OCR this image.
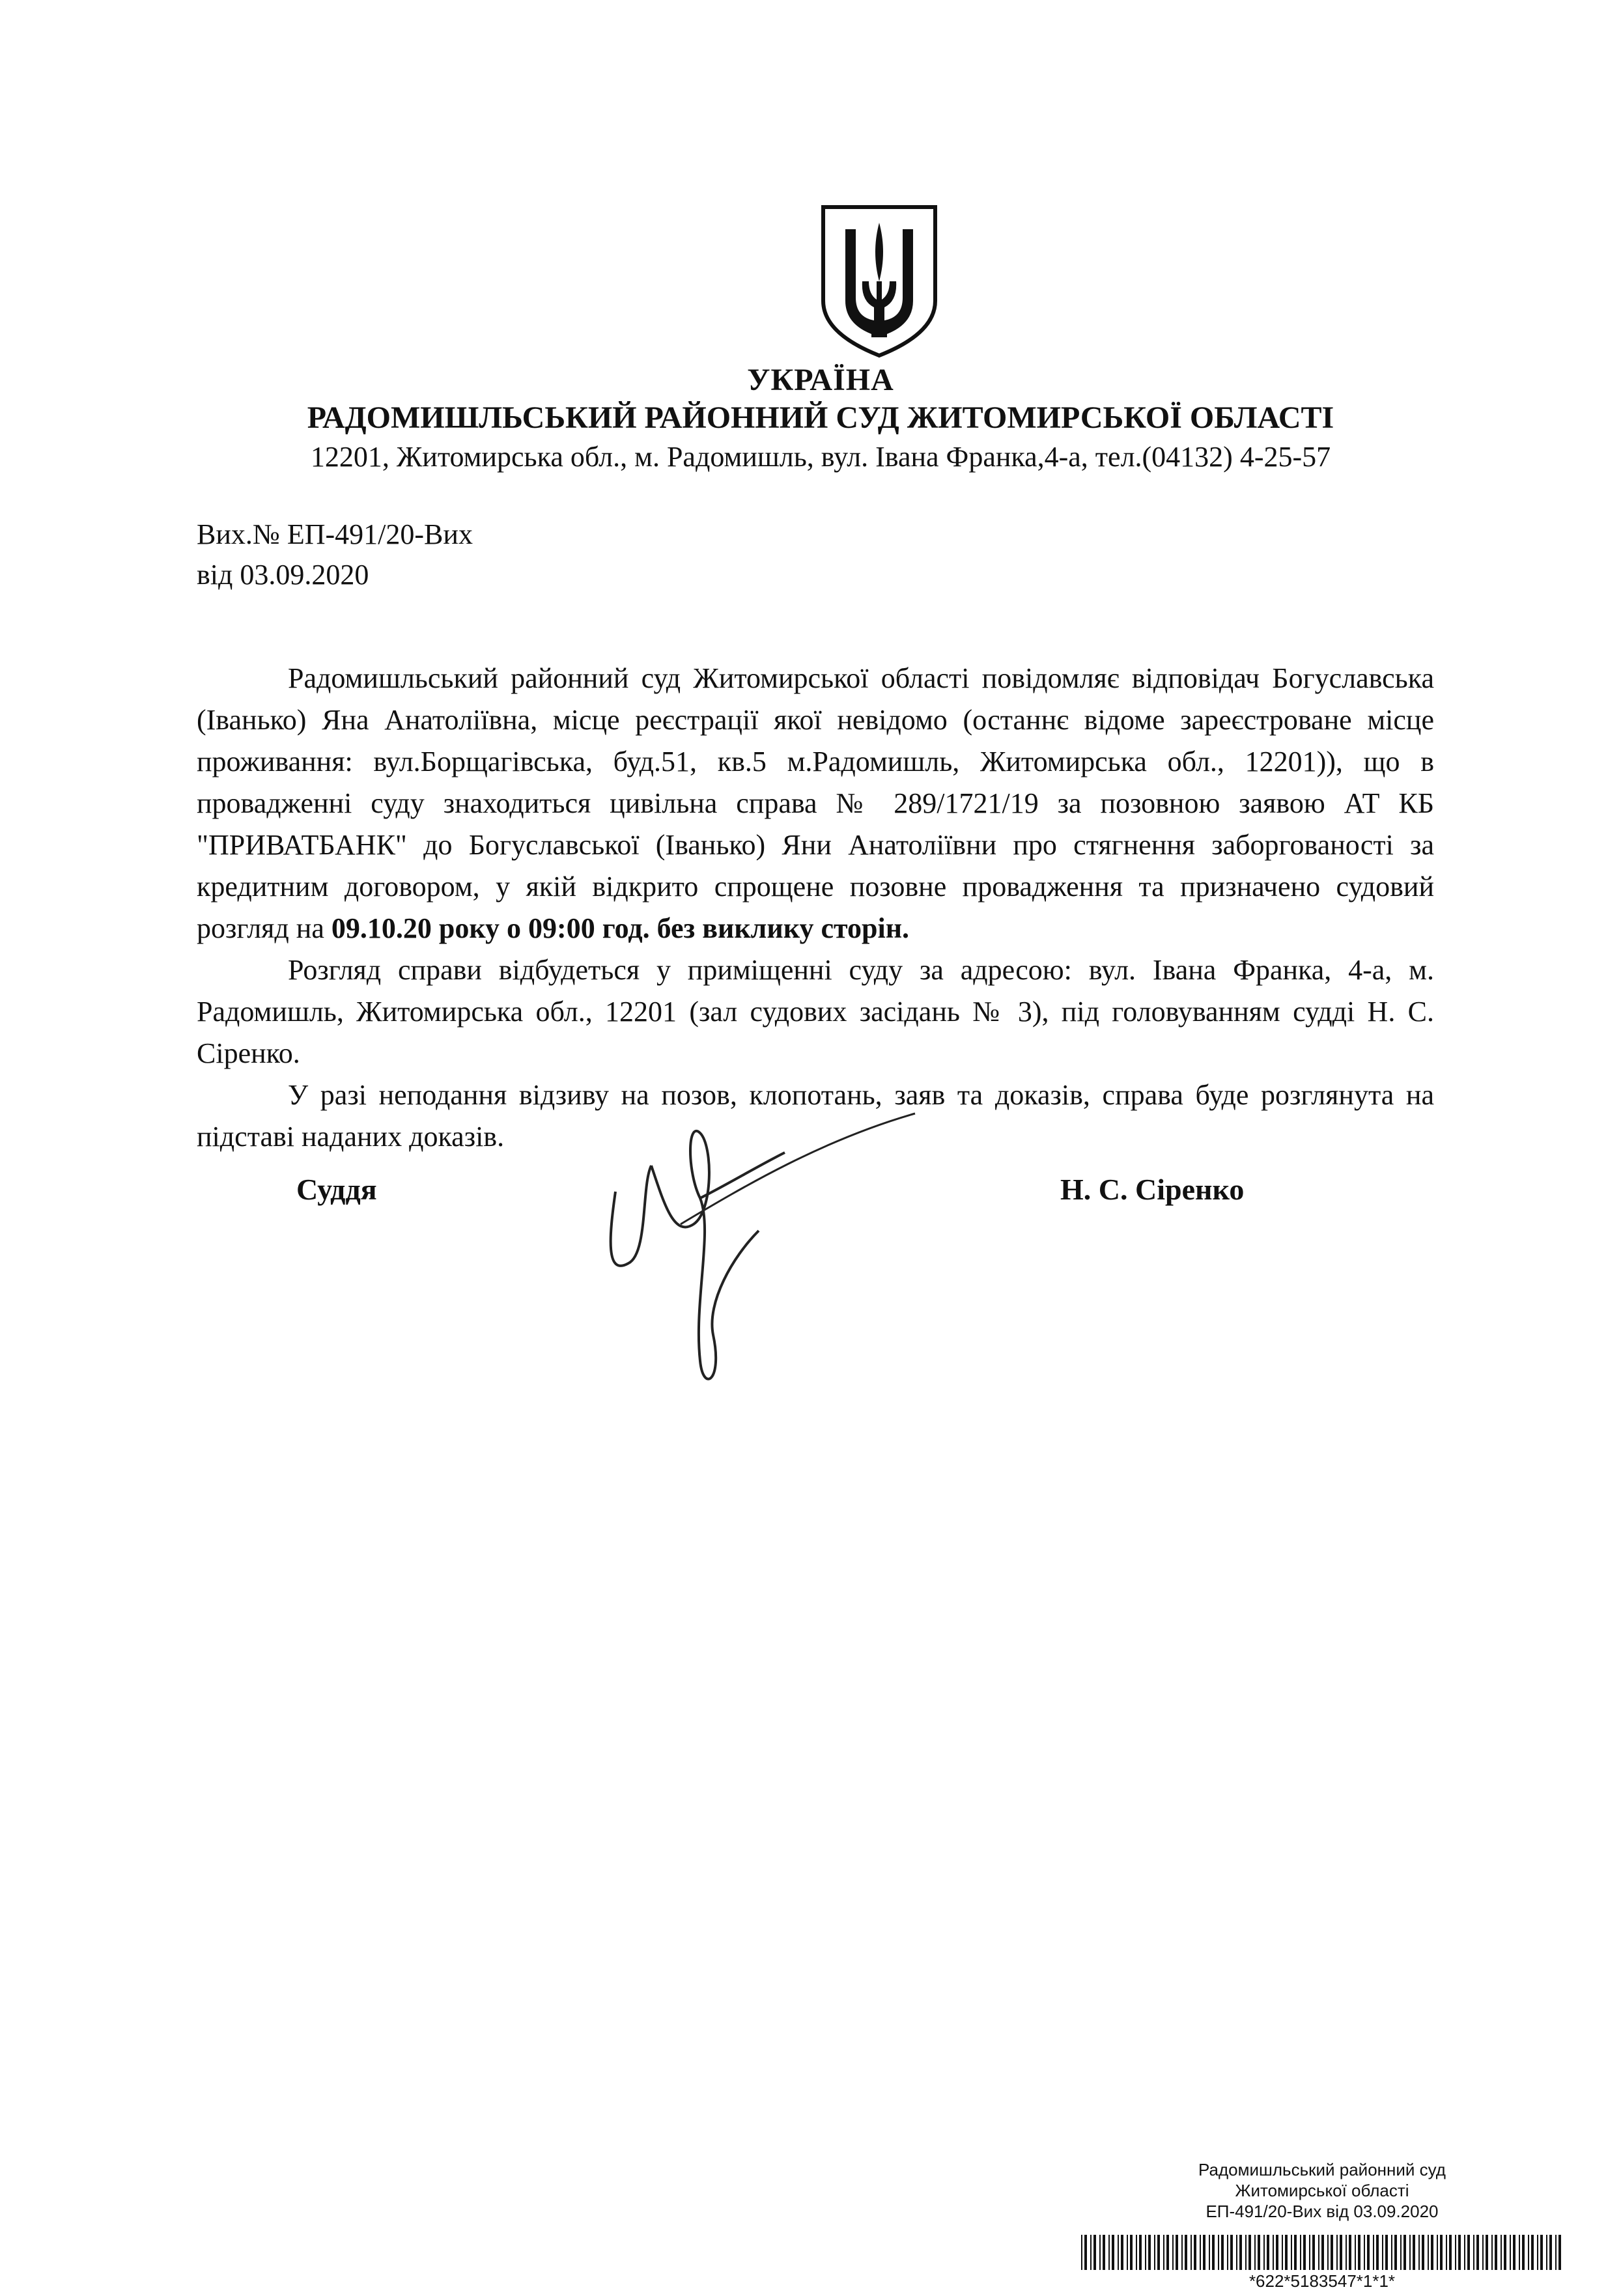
УКРАЇНА
РАДОМИШЛЬСЬКИЙ РАЙОННИЙ СУД ЖИТОМИРСЬКОЇ ОБЛАСТІ
12201, Житомирська обл., м. Радомишль, вул. Івана Франка,4-а, тел.(04132) 4-25-57
Вих.№ ЕП-491/20-Вих
від 03.09.2020

Радомишльський районний суд Житомирської області повідомляє відповідач Богуславська (Іванько) Яна Анатоліївна, місце реєстрації якої невідомо (останнє відоме зареєстроване місце проживання: вул.Борщагівська, буд.51, кв.5 м.Радомишль, Житомирська обл., 12201)), що в провадженні суду знаходиться цивільна справа № 289/1721/19 за позовною заявою АТ КБ "ПРИВАТБАНК" до Богуславської (Іванько) Яни Анатоліївни про стягнення заборгованості за кредитним договором, у якій відкрито спрощене позовне провадження та призначено судовий розгляд на 09.10.20 року о 09:00 год. без виклику сторін.

Розгляд справи відбудеться у приміщенні суду за адресою: вул. Івана Франка, 4-а, м. Радомишль, Житомирська обл., 12201 (зал судових засідань № 3), під головуванням судді Н. С. Сіренко.

У разі неподання відзиву на позов, клопотань, заяв та доказів, справа буде розглянута на підставі наданих доказів.

Суддя	Н. С. Сіренко
Радомишльський районний суд
Житомирської області
ЕП-491/20-Вих від 03.09.2020
*622*5183547*1*1*
